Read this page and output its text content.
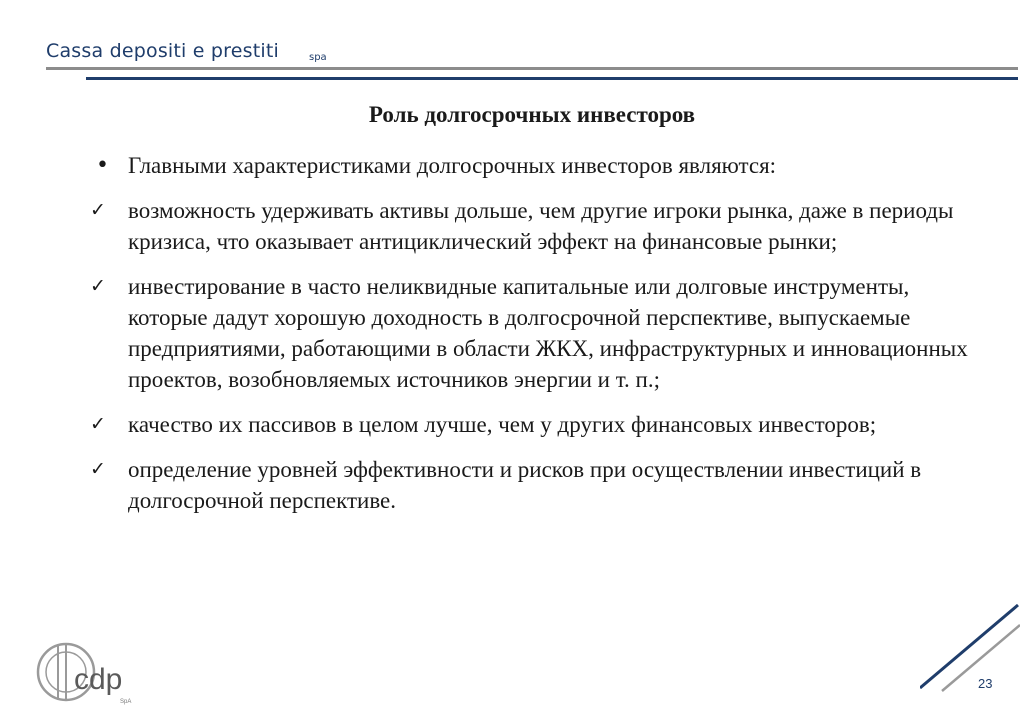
Cassa depositi e prestiti	spa
Роль долгосрочных инвесторов
• Главными характеристиками долгосрочных инвесторов являются:
✓ возможность удерживать активы дольше, чем другие игроки рынка, даже в периоды кризиса, что оказывает антициклический эффект на финансовые рынки;
✓ инвестирование в часто неликвидные капитальные или долговые инструменты, которые дадут хорошую доходность в долгосрочной перспективе, выпускаемые предприятиями, работающими в области ЖКХ, инфраструктурных и инновационных проектов, возобновляемых источников энергии и т. п.;
✓ качество их пассивов в целом лучше, чем у других финансовых инвесторов;
✓ определение уровней эффективности и рисков при осуществлении инвестиций в долгосрочной перспективе.
cdp
SpA
23
